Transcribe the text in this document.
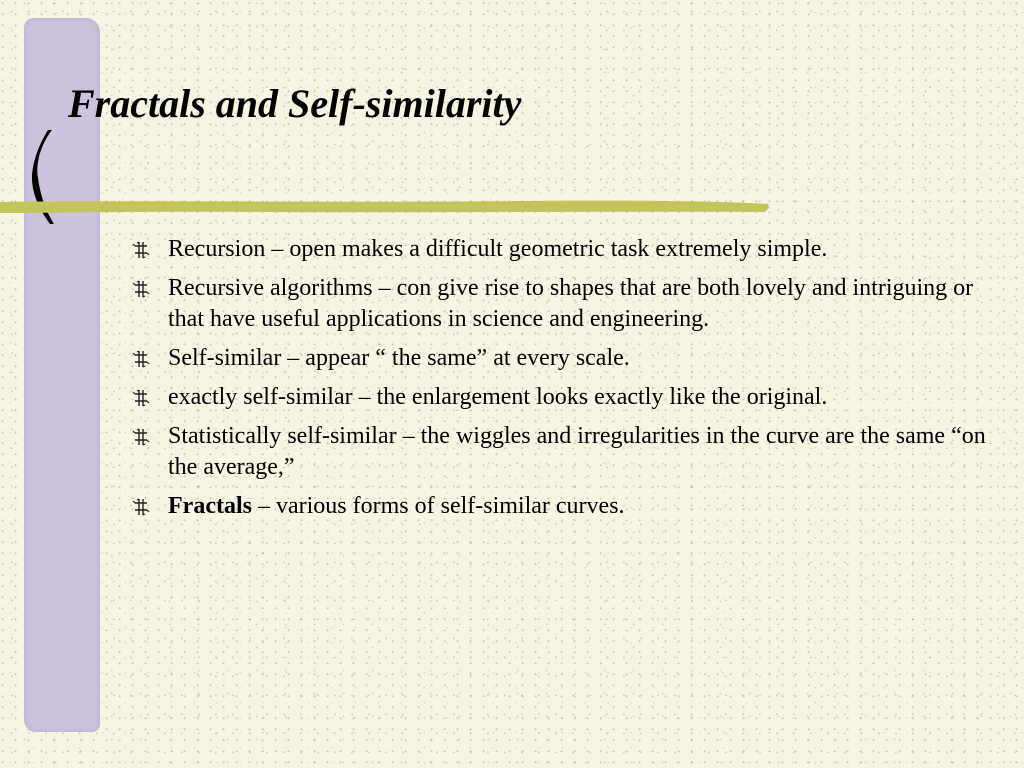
Fractals and Self-similarity
Recursion – open makes a difficult geometric task extremely simple.
Recursive algorithms – con give rise to shapes that are both lovely and intriguing or that have useful applications in science and engineering.
Self-similar – appear “ the same” at every scale.
exactly self-similar – the enlargement looks exactly like the original.
Statistically self-similar – the wiggles and irregularities in the curve are the same “on the average,”
Fractals – various forms of self-similar curves.
